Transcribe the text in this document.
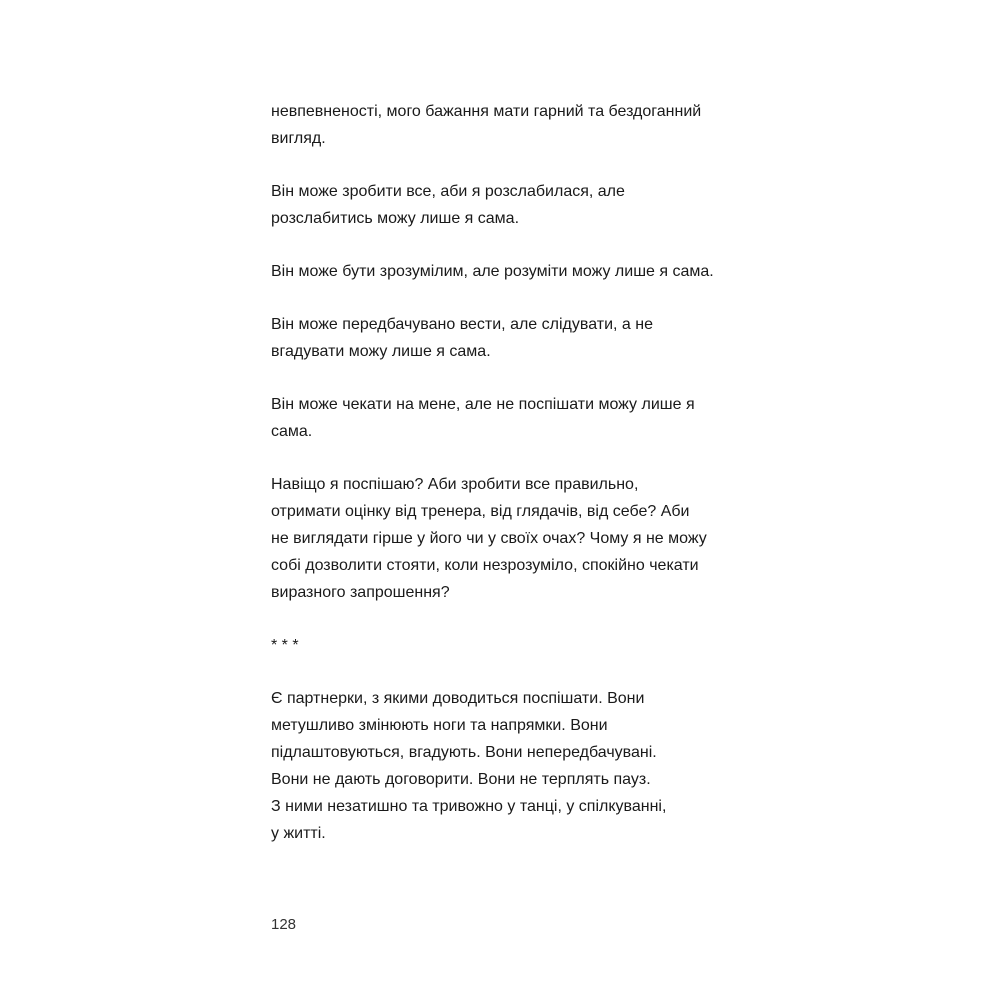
невпевненості, мого бажання мати гарний та бездоганний
вигляд.

Він може зробити все, аби я розслабилася, але
розслабитись можу лише я сама.

Він може бути зрозумілим, але розуміти можу лише я сама.

Він може передбачувано вести, але слідувати, а не
вгадувати можу лише я сама.

Він може чекати на мене, але не поспішати можу лише я
сама.

Навіщо я поспішаю? Аби зробити все правильно,
отримати оцінку від тренера, від глядачів, від себе? Аби
не виглядати гірше у його чи у своїх очах? Чому я не можу
собі дозволити стояти, коли незрозуміло, спокійно чекати
виразного запрошення?

* * *

Є партнерки, з якими доводиться поспішати. Вони
метушливо змінюють ноги та напрямки. Вони
підлаштовуються, вгадують. Вони непередбачувані.
Вони не дають договорити. Вони не терплять пауз.
З ними незатишно та тривожно у танці, у спілкуванні,
у житті.

128
